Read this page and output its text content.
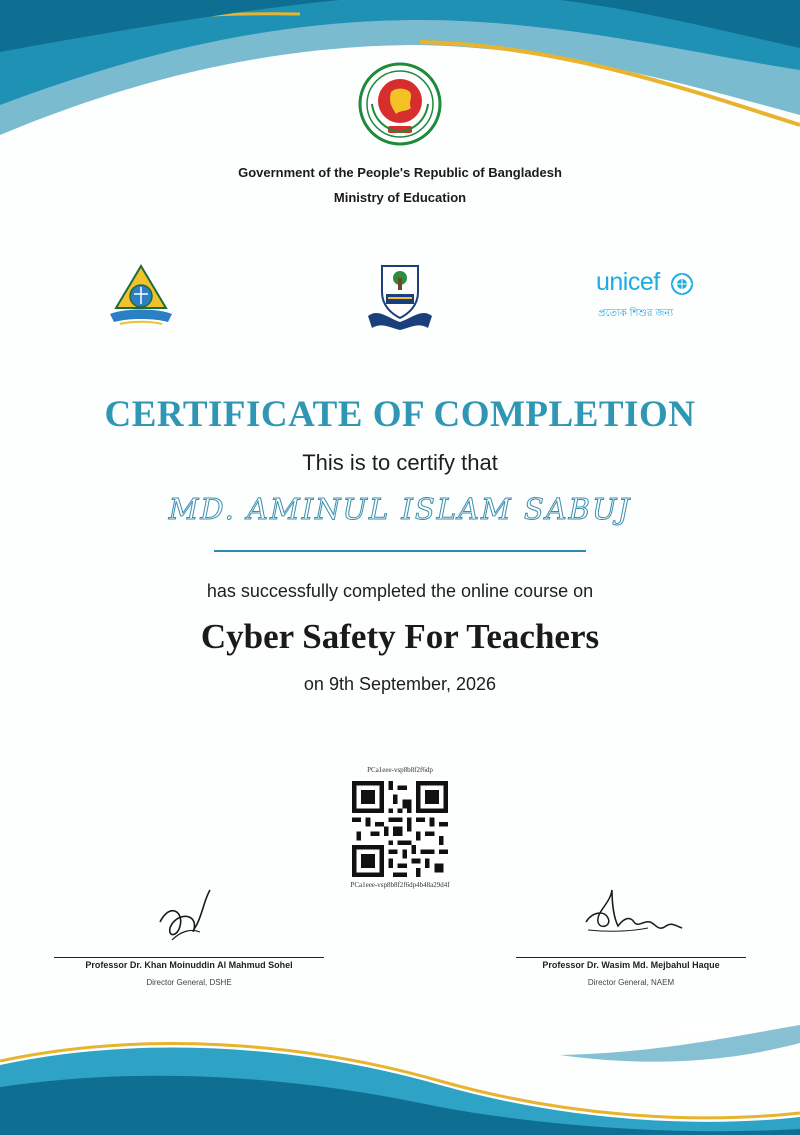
Government of the People's Republic of Bangladesh
Ministry of Education
unicef
প্রত্যেক শিশুর জন্য
CERTIFICATE OF COMPLETION
This is to certify that
MD. AMINUL ISLAM SABUJ
has successfully completed the online course on
Cyber Safety For Teachers
on 9th September, 2026
PCa1eee-vsp8b8f2f6dp
PCa1eee-vsp8b8f2f6dp4b48a29d4f
Professor Dr. Khan Moinuddin Al Mahmud Sohel
Director General, DSHE
Professor Dr. Wasim Md. Mejbahul Haque
Director General, NAEM
